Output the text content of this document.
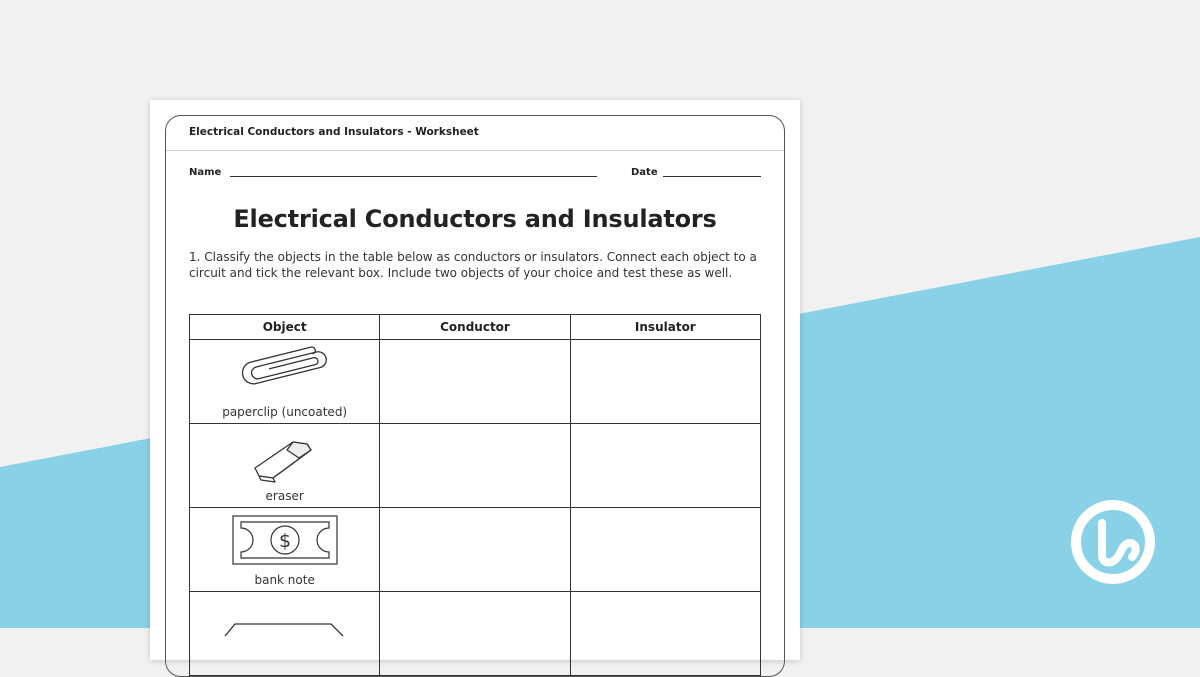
Electrical Conductors and Insulators - Worksheet
Name	Date
Electrical Conductors and Insulators
1. Classify the objects in the table below as conductors or insulators. Connect each object to a circuit and tick the relevant box. Include two objects of your choice and test these as well.
Object	Conductor	Insulator

paperclip (uncoated)		

eraser		

$
bank note		
